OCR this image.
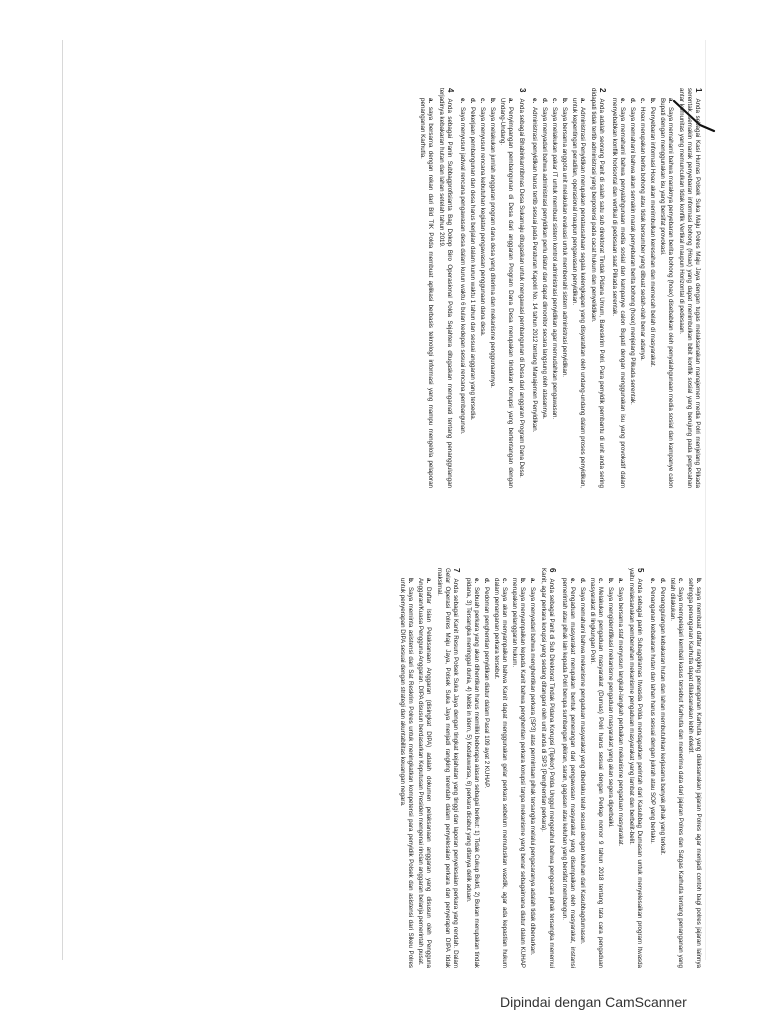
1Anda sebagai Kasi Humas Polsek Suka Maju Polres Maju Jaya dengan tugas melaksanakan manajemen media Polri menjelang Pilkada serentak, semakin marak penyebaran informasi bohong (Hoax) yang dapat menimbulkan bibit konflik sosial yang berujung pada perpecahan antar komunitas yang memunculkan tidak konflik Vertikal maupun Horizontal di pedesaan.

a.Saya memahami bahwa maraknya penyebaran berita bohong (hoax) disebabkan oleh penyalahgunaan media sosial dan kampanye calon Bupati dengan menggunakan isu yang bersifat provokasi.
b.Penyebaran informasi Hoax akan menimbulkan keresahan dan memecah belah di masyarakat.
c.Hoax merupakan berita bohong atau tidak bersumber yang dibuat sedah-olah benar adanya.
d.Saya memahami bahwa akan semakin marak penyebaran berita bohong (hoax) menjelang Pilkada serentak.
e.Saya memahami bahwa penyalahgunaan media sosial dan kampanye calon Bupati dengan menggunakan isu yang provokatif dalam menyebabkan konflik horisontal dan vertikal di pedesaan saat Pilkada serentak.

2Anda adalah seorang Panit di salah satu sub direktorat Tindak Pidana Umum, Bareskrim Polri. Para penyidik pembantu di unit anda sering didapati tidak tertib administrasi yang berpotensi pada cacat hukum dan penyelidikan.

a.Administrasi Penyidikan merupakan penatausahaan segala kelengkapan yang disyaratkan oleh undang-undang dalam proses penyidikan, untuk kepentingan peradilan, operasional maupun pengawasan penyidikan.
b.Saya bersama anggota unit melakukan evaluasi untuk membenahi sistem administrasi penyidikan.
c.Saya melakukan pakar IT untuk membuat sistem kontrol administrasi penyidikan agar memudahkan pengawasan.
d.Saya menyadari bahwa administrasi penyidikan perlu diatur dan dapat dimonitor secara langsung oleh atasannya.
e.Administrasi penyidikan harus tertib sesuai pada Peraturan Kapolri No. 14 tahun 2012 tentang Manajemen Penyidikan.

3Anda sebagai Bhabinkamtibmas Desa Sukamaju ditugaskan untuk mengawasi pembangunan di Desa dari anggaran Program Dana Desa.

a.Penyimpangan pembangunan di Desa dari anggaran Program Dana Desa merupakan tindakan Korupsi yang bertentangan dengan Undang-Undang.
b.Saya melakukan jumlah anggaran program dana desa yang diterima dan mekanisme penggunaannya.
c.Saya menyusun rencana kebutuhan kegiatan pengawasan penggunaan dana desa.
d.Pekerjaan pembangunan dan desa harus berjalan dalam kurun waktu 1 tahun dan sesuai anggaran yang tersedia.
e.Saya menyusun jadwal rencana pengawasan desa dalam kurun waktu 6 bulan kedepan sesuai rencana pembangunan.

4Anda sebagai Panin Subbagprofisianta Bag Dokop Biro Operasional Polda Sejahtera ditugaskan mengamati tentang penanggulangan terjadinya kebakaran hutan dan lahan setelah tahun 2019.

a.saya bersama dengan rekan dari Bid TIK Polda membuat aplikasi berbasis teknologi informasi yang mampu mengelola pelaporan penanganan Karhutla.
b.saya membuat daftar rangking penanganan Karhutla yang dilaksanakan jajaran Polres agar menjadi contoh bagi polres jajaran lainnya sehingga penanganan Karhutla dapat dilaksanakan lebih efektif.
c.Saya mempelajari kembali kasus tersebut Karhutla dan menerima data dari jajaran Polres dan Satgas Karhutla tentang penanganan yang telah dilakukan.
d.Penanggulangan kebakaran hutan dan lahan membutuhkan kerjasama banyak pihak yang terkait.
e.Penanganan kebakaran hutan dan lahan harus sesuai dengan jukrah atau SOP yang berlaku.

5Anda sebagai panin Subagdiramas Itwasda Polda mendapatkan perintah dari Kasubbag Dumasan untuk menyelesaikan program Itwasda yaitu melaksanakan pembenahan mekanisme pengaduan masyarakat yang lambat dan berbelit-belit.

a.Saya bersama staf menyusun langkah-langkah perbaikan mekanisme pengaduan masyarakat.
b.Saya mengidentifikasi mekanisme pengaduan masyarakat yang akan segera diperbaiki.
c.Melakukan pengaduan masyarakat (Dumas) Polri harus sesuai dengan Perkap nomor 9 tahun 2018 tentang tata cara pengaduan masyarakat di lingkungan Polri.
d.Saya memahami bahwa mekanisme pengaduan masyarakat yang diberlaku telah sesuai dengan keluhan dari Kasubbagdumasan.
e.Pengaduan masyarakat merupakan bentuk penerangan dari pengawasan masyarakat yang disampaikan oleh masyarakat, instansi pemerintah atau pihak lain kepada Polri berupa sumbangan pikiran, saran, gagasan atau keluhan yang bersifat membangun.

6Anda sebagai Panit di Sub Direktorat Tindak Pidana Korupsi (Tipikor) Polda Unggul mengetahui bahwa pengecara pihak tersangka menemui Kanit, agar perkara korupsi yang sedang ditangani oleh unit anda di SP3 (Penghentian perkara).

a.Saya menyadari bahwa menghentikan perkara (SP3) atas permintaan pihak tersangka melalui pengacaranya adalah tidak dibenarkan.
b.Saya menyampaikan kepada Kanit bahwa penghentian perkara korupsi tanpa mekanisme yang benar sebagaimana diatur dalam KUHAP merupakan pelanggaran hukum.
c.Saya akan menyampaikan bahwa Kanit dapat menggunakan gelar perkara sebelum memutuskan wasdik, agar ada kepastian hukum dalam penanganan perkara tersebut.
d.Pedoman penghentian penyidikan diatur dalam Pasal 109 ayat 2 KUHAP.
e.Sebuah perkara yang akan dihentikan harus memiliki beberapa alasan sebagai berikut: 1) Tidak Cukup Bukti, 2) Bukan merupakan tindak pidana, 3) Tersangka meninggal dunia, 4) Nebis in idem, 5) Kedaluwarsa, 6) perkara dicabut yang ditanya delik aduan.

7Anda sebagai Kanit Resum Polsek Suka Jaya dengan tingkat kejahatan yang tinggi dan laporan penyelesaian perkara yang rendah. Dalam Gelar Operasi Polres Maju Jaya, Polsek Suka Jaya menjadi rangking terendah dalam penyelesaian perkara dan penyerapan DIPA tidak maksimal.

a.Daftar Isian Pelaksanaan Anggaran (disingkat DIPA) adalah dokumen pelaksanaan anggaran yang disusun oleh Pengguna Anggaran/Kuasa Pengguna Anggaran. DIPA disusun berdasarkan Keputusan Presiden mengenai rincian anggaran belanja pemerintah pusat.
b.Saya meminta asistensi dari Sat Reskrim Polres untuk meningkatkan kompetensi para penyidik Polsek dan asistensi dari Sikeu Polres untuk penyerapan DIPA sesuai dengan strategi dan akuntabilitas keuangan negara.
Dipindai dengan CamScanner
